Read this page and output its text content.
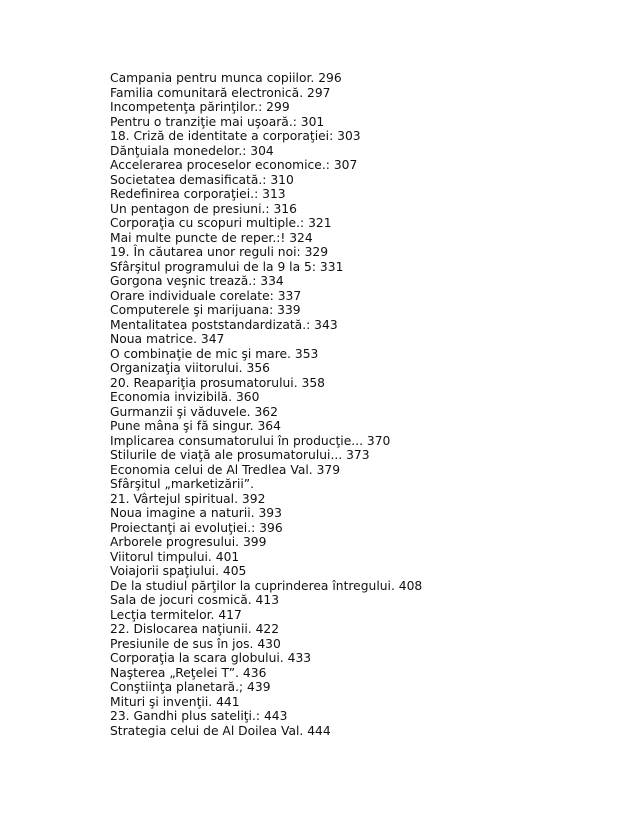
Campania pentru munca copiilor. 296
Familia comunitară electronică. 297
Incompetenţa părinţilor.: 299
Pentru o tranziţie mai uşoară.: 301
18. Criză de identitate a corporaţiei: 303
Dănţuiala monedelor.: 304
Accelerarea proceselor economice.: 307
Societatea demasificată.: 310
Redefinirea corporaţiei.: 313
Un pentagon de presiuni.: 316
Corporaţia cu scopuri multiple.: 321
Mai multe puncte de reper.:! 324
19. În căutarea unor reguli noi: 329
Sfârşitul programului de la 9 la 5: 331
Gorgona veşnic trează.: 334
Orare individuale corelate: 337
Computerele şi marijuana: 339
Mentalitatea poststandardizată.: 343
Noua matrice. 347
O combinaţie de mic şi mare. 353
Organizaţia viitorului. 356
20. Reapariţia prosumatorului. 358
Economia invizibilă. 360
Gurmanzii şi văduvele. 362
Pune mâna şi fă singur. 364
Implicarea consumatorului în producţie... 370
Stilurile de viaţă ale prosumatorului... 373
Economia celui de Al Tredlea Val. 379
Sfârşitul „marketizării”.
21. Vârtejul spiritual. 392
Noua imagine a naturii. 393
Proiectanţi ai evoluţiei.: 396
Arborele progresului. 399
Viitorul timpului. 401
Voiajorii spaţiului. 405
De la studiul părţilor la cuprinderea întregului. 408
Sala de jocuri cosmică. 413
Lecţia termitelor. 417
22. Dislocarea naţiunii. 422
Presiunile de sus în jos. 430
Corporaţia la scara globului. 433
Naşterea „Reţelei T”. 436
Conştiinţa planetară.; 439
Mituri şi invenţii. 441
23. Gandhi plus sateliţi.: 443
Strategia celui de Al Doilea Val. 444
